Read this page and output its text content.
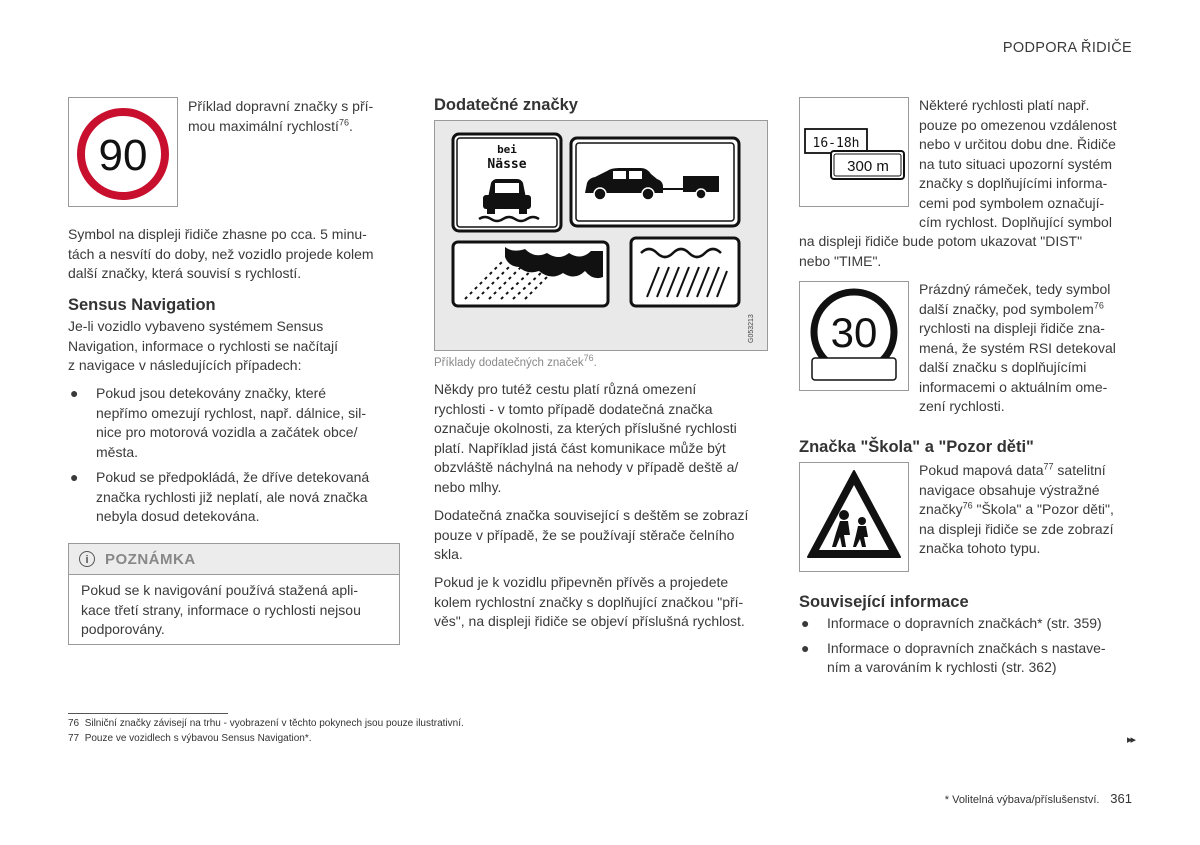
PODPORA ŘIDIČE
90
Příklad dopravní značky s pří-
mou maximální rychlostí$^{76}$.
Symbol na displeji řidiče zhasne po cca. 5 minu-
tách a nesvítí do doby, než vozidlo projede kolem
další značky, která souvisí s rychlostí.
Sensus Navigation
Je-li vozidlo vybaveno systémem Sensus
Navigation, informace o rychlosti se načítají
z navigace v následujících případech:
● Pokud jsou detekovány značky, které
nepřímo omezují rychlost, např. dálnice, sil-
nice pro motorová vozidla a začátek obce/
města.
● Pokud se předpokládá, že dříve detekovaná
značka rychlosti již neplatí, ale nová značka
nebyla dosud detekována.
i	POZNÁMKA
Pokud se k navigování používá stažená apli-
kace třetí strany, informace o rychlosti nejsou
podporovány.
Dodatečné značky
bei
Nässe
G053213
Příklady dodatečných značek$^{76}$.
Někdy pro tutéž cestu platí různá omezení
rychlosti - v tomto případě dodatečná značka
označuje okolnosti, za kterých příslušné rychlosti
platí. Například jistá část komunikace může být
obzvláště náchylná na nehody v případě deště a/
nebo mlhy.
Dodatečná značka související s deštěm se zobrazí
pouze v případě, že se používají stěrače čelního
skla.
Pokud je k vozidlu připevněn přívěs a projedete
kolem rychlostní značky s doplňující značkou "pří-
věs", na displeji řidiče se objeví příslušná rychlost.
16-18h
300 m
Některé rychlosti platí např.
pouze po omezenou vzdálenost
nebo v určitou dobu dne. Řidiče
na tuto situaci upozorní systém
značky s doplňujícími informa-
cemi pod symbolem označují-
cím rychlost. Doplňující symbol
na displeji řidiče bude potom ukazovat "DIST"
nebo "TIME".
30
Prázdný rámeček, tedy symbol
další značky, pod symbolem$^{76}$
rychlosti na displeji řidiče zna-
mená, že systém RSI detekoval
další značku s doplňujícími
informacemi o aktuálním ome-
zení rychlosti.
Značka "Škola" a "Pozor děti"
Pokud mapová data$^{77}$ satelitní
navigace obsahuje výstražné
značky$^{76}$ "Škola" a "Pozor děti",
na displeji řidiče se zde zobrazí
značka tohoto typu.
Související informace
● Informace o dopravních značkách* (str. 359)
● Informace o dopravních značkách s nastave-
ním a varováním k rychlosti (str. 362)
76 Silniční značky závisejí na trhu - vyobrazení v těchto pokynech jsou pouze ilustrativní.
77 Pouze ve vozidlech s výbavou Sensus Navigation*.	▸▸
* Volitelná výbava/příslušenství. 361
